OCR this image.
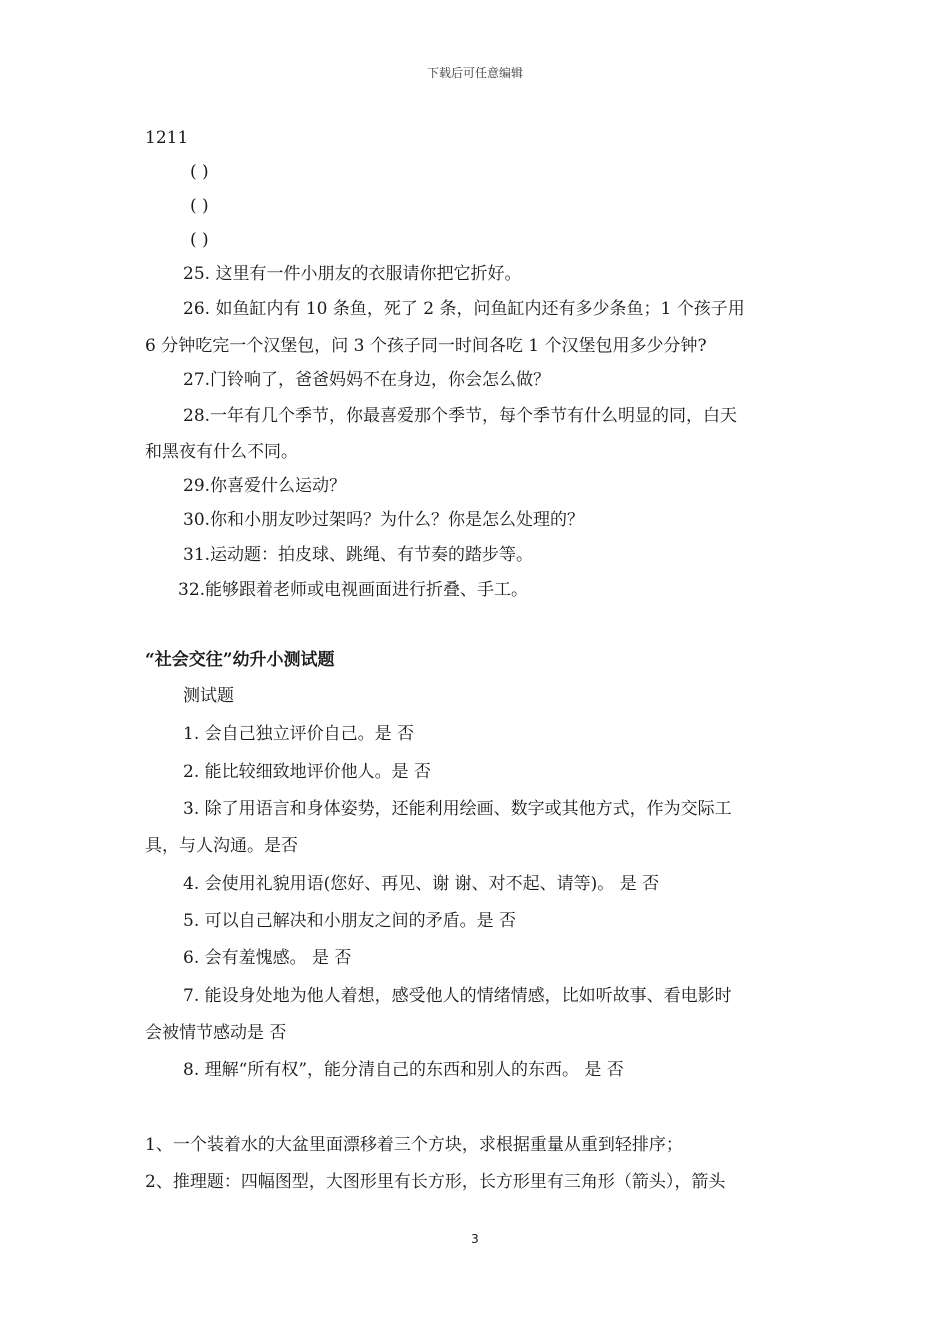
下载后可任意编辑
1211
( )
( )
( )
25. 这里有一件小朋友的衣服请你把它折好。
26. 如鱼缸内有 10 条鱼，死了 2 条，问鱼缸内还有多少条鱼；1 个孩子用
6 分钟吃完一个汉堡包，问 3 个孩子同一时间各吃 1 个汉堡包用多少分钟?
27.门铃响了，爸爸妈妈不在身边，你会怎么做？
28.一年有几个季节，你最喜爱那个季节，每个季节有什么明显的同，白天
和黑夜有什么不同。
29.你喜爱什么运动？
30.你和小朋友吵过架吗？为什么？你是怎么处理的？
31.运动题：拍皮球、跳绳、有节奏的踏步等。
32.能够跟着老师或电视画面进行折叠、手工。
“社会交往”幼升小测试题
测试题
1. 会自己独立评价自己。是 否
2. 能比较细致地评价他人。是 否
3. 除了用语言和身体姿势，还能利用绘画、数字或其他方式，作为交际工
具，与人沟通。是否
4. 会使用礼貌用语(您好、再见、谢 谢、对不起、请等)。 是 否
5. 可以自己解决和小朋友之间的矛盾。是 否
6. 会有羞愧感。 是 否
7. 能设身处地为他人着想，感受他人的情绪情感，比如听故事、看电影时
会被情节感动是 否
8. 理解“所有权”，能分清自己的东西和别人的东西。 是 否
1、一个装着水的大盆里面漂移着三个方块，求根据重量从重到轻排序；
2、推理题：四幅图型，大图形里有长方形，长方形里有三角形（箭头），箭头
3
